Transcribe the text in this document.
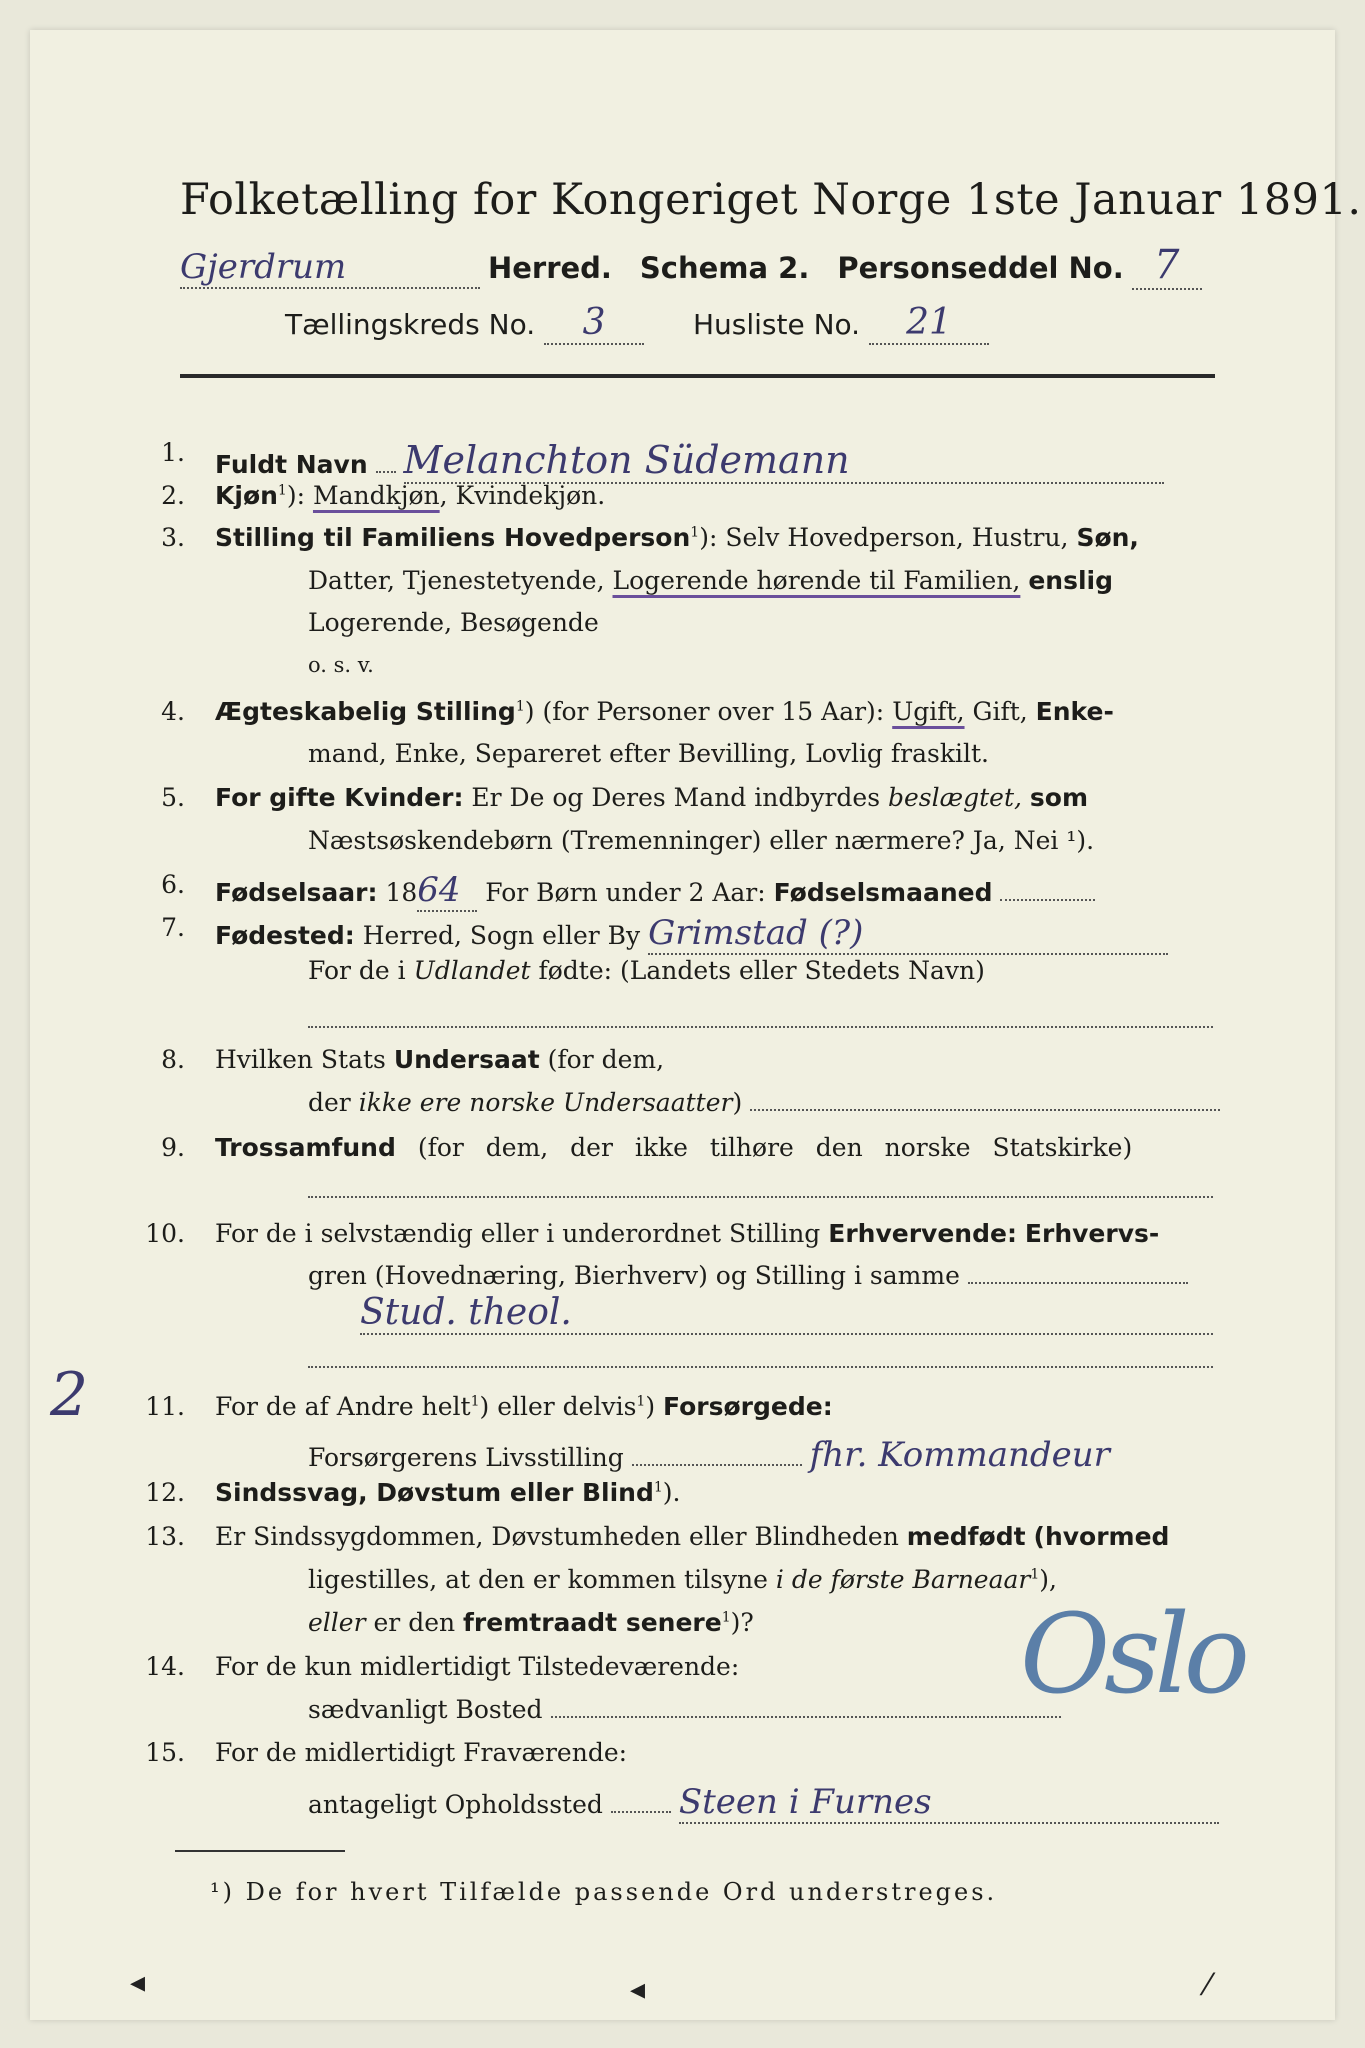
Folketælling for Kongeriget Norge 1ste Januar 1891.
Gjerdrum	Herred. Schema 2. Personseddel No. 7
Tællingskreds No. 3	Husliste No. 21
1. Fuldt Navn Melanchton Südemann
2. Kjøn$^1$): Mandkjøn, Kvindekjøn.
3. Stilling til Familiens Hovedperson$^1$): Selv Hovedperson, Hustru, Søn,
Datter, Tjenestetyende, Logerende hørende til Familien, enslig
Logerende, Besøgende
o. s. v.
4. Ægteskabelig Stilling$^1$) (for Personer over 15 Aar): Ugift, Gift, Enke-
mand, Enke, Separeret efter Bevilling, Lovlig fraskilt.
5. For gifte Kvinder: Er De og Deres Mand indbyrdes beslægtet, som
Næstsøskendebørn (Tremenninger) eller nærmere? Ja, Nei ¹).
6. Fødselsaar: 1864 For Børn under 2 Aar: Fødselsmaaned
7. Fødested: Herred, Sogn eller By Grimstad (?)
For de i Udlandet fødte: (Landets eller Stedets Navn)
8. Hvilken Stats Undersaat (for dem,
der ikke ere norske Undersaatter)
9. Trossamfund (for dem, der ikke tilhøre den norske Statskirke)
10. For de i selvstændig eller i underordnet Stilling Erhvervende: Erhvervs-
gren (Hovednæring, Bierhverv) og Stilling i samme
Stud. theol.
2	11. For de af Andre helt$^1$) eller delvis$^1$) Forsørgede:
Forsørgerens Livsstilling	fhr. Kommandeur
12. Sindssvag, Døvstum eller Blind$^1$).
13. Er Sindssygdommen, Døvstumheden eller Blindheden medfødt (hvormed
ligestilles, at den er kommen tilsyne i de første Barneaar$^1$),
eller er den fremtraadt senere$^1$)?
14. For de kun midlertidigt Tilstedeværende:
sædvanligt Bosted	Oslo
15. For de midlertidigt Fraværende:
antageligt Opholdssted Steen i Furnes
¹) De for hvert Tilfælde passende Ord understreges.
◂	◂	⁄
